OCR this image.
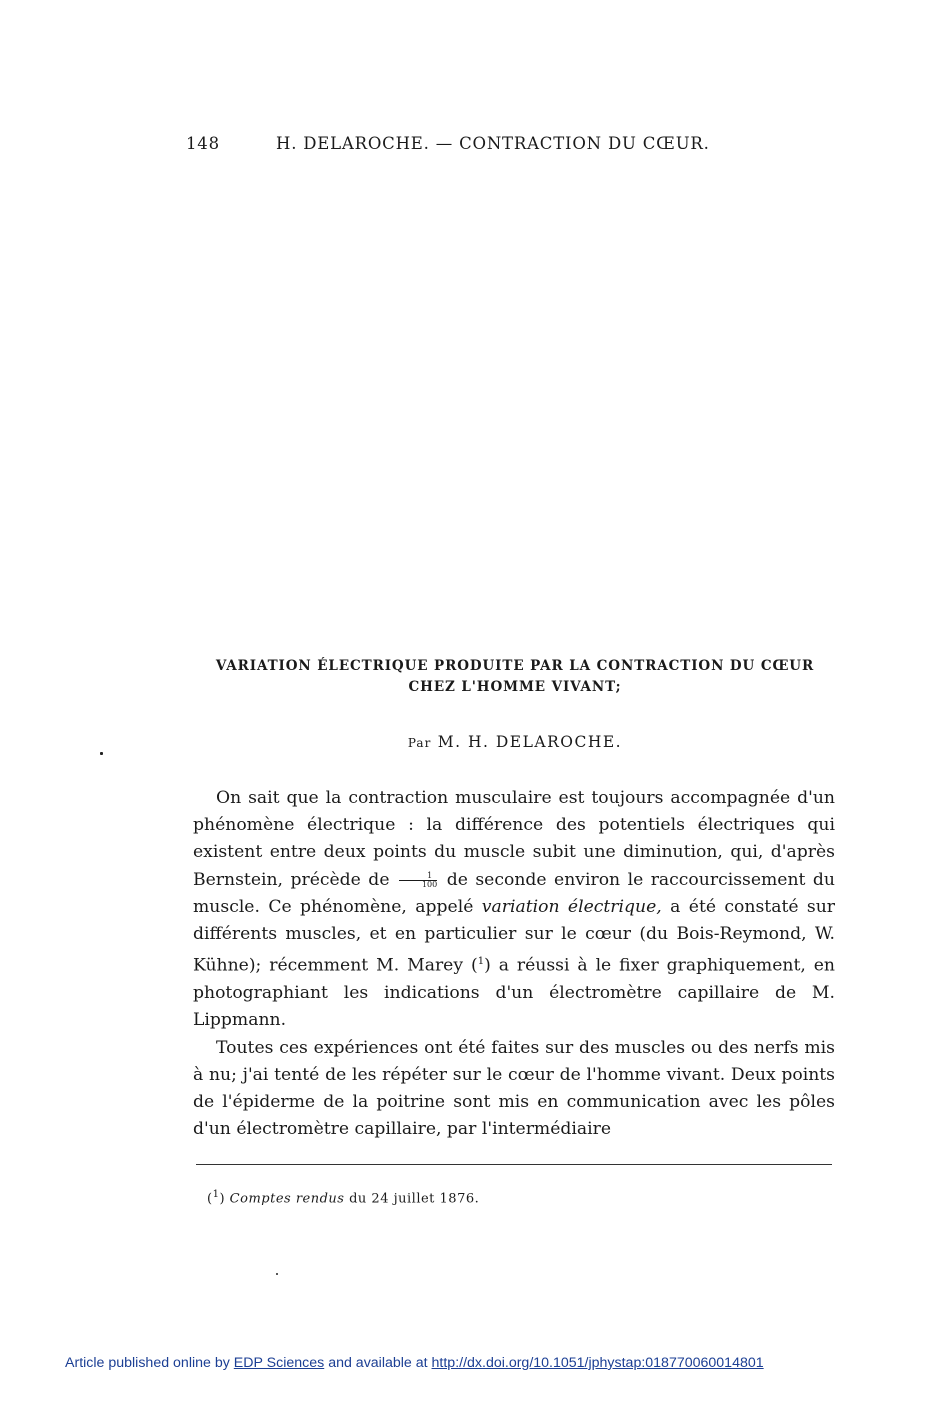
148	H. DELAROCHE. — CONTRACTION DU CŒUR.
VARIATION ÉLECTRIQUE PRODUITE PAR LA CONTRACTION DU CŒUR
CHEZ L'HOMME VIVANT;
Par M. H. DELAROCHE.

On sait que la contraction musculaire est toujours accompagnée d'un phénomène électrique : la différence des potentiels électriques qui existent entre deux points du muscle subit une diminution, qui, d'après Bernstein, précède de $\frac{1}{100}$ de seconde environ le raccourcissement du muscle. Ce phénomène, appelé variation électrique, a été constaté sur différents muscles, et en particulier sur le cœur (du Bois-Reymond, W. Kühne); récemment M. Marey ($^1$) a réussi à le fixer graphiquement, en photographiant les indications d'un électromètre capillaire de M. Lippmann.

Toutes ces expériences ont été faites sur des muscles ou des nerfs mis à nu; j'ai tenté de les répéter sur le cœur de l'homme vivant. Deux points de l'épiderme de la poitrine sont mis en communication avec les pôles d'un électromètre capillaire, par l'intermédiaire

($^1$) Comptes rendus du 24 juillet 1876.
Article published online by EDP Sciences and available at http://dx.doi.org/10.1051/jphystap:018770060014801
